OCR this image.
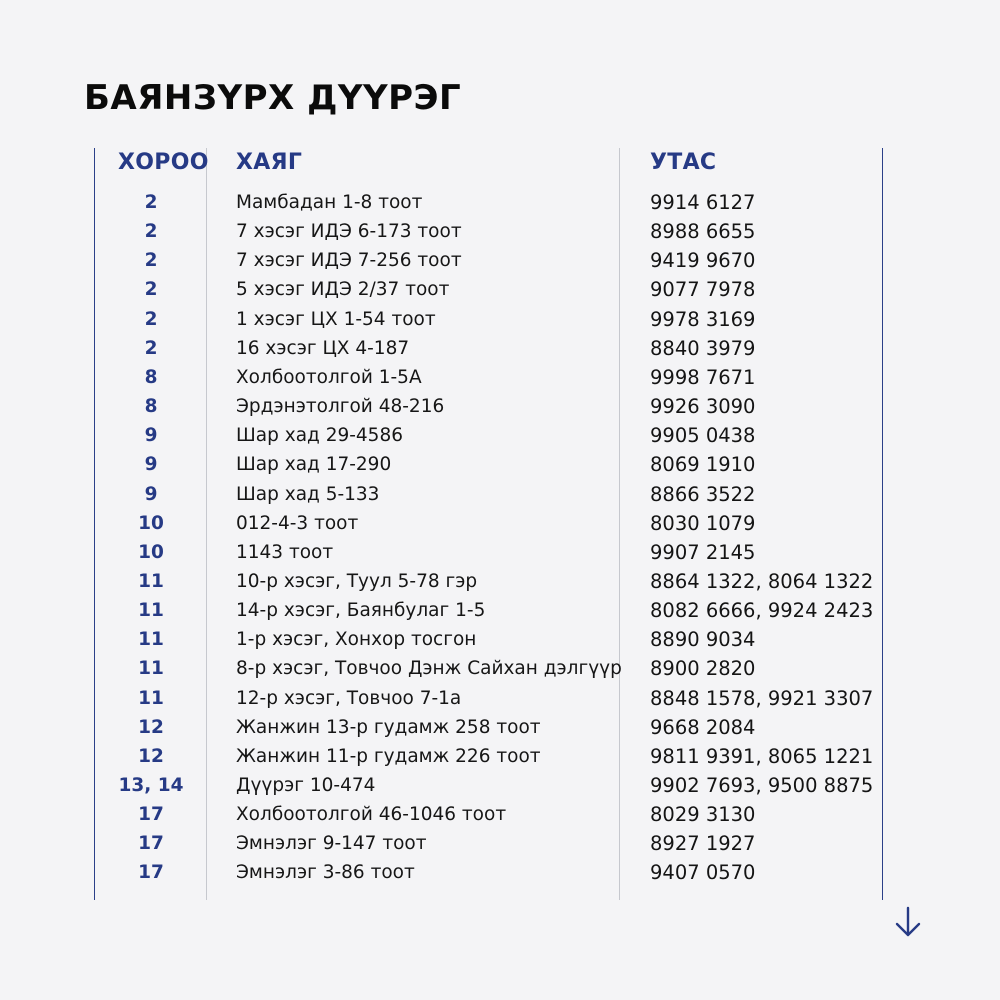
БАЯНЗҮРХ ДҮҮРЭГ
ХОРОО ХАЯГ	УТАС
2	Мамбадан 1-8 тоот	9914 6127
2	7 хэсэг ИДЭ 6-173 тоот	8988 6655
2	7 хэсэг ИДЭ 7-256 тоот	9419 9670
2	5 хэсэг ИДЭ 2/37 тоот	9077 7978
2	1 хэсэг ЦХ 1-54 тоот	9978 3169
2	16 хэсэг ЦХ 4-187	8840 3979
8	Холбоотолгой 1-5А	9998 7671
8	Эрдэнэтолгой 48-216	9926 3090
9	Шар хад 29-4586	9905 0438
9	Шар хад 17-290	8069 1910
9	Шар хад 5-133	8866 3522
10	012-4-3 тоот	8030 1079
10	1143 тоот	9907 2145
11	10-р хэсэг, Туул 5-78 гэр	8864 1322, 8064 1322
11	14-р хэсэг, Баянбулаг 1-5	8082 6666, 9924 2423
11	1-р хэсэг, Хонхор тосгон	8890 9034
11	8-р хэсэг, Товчоо Дэнж Сайхан дэлгүүр 8900 2820
11	12-р хэсэг, Товчоо 7-1а	8848 1578, 9921 3307
12	Жанжин 13-р гудамж 258 тоот	9668 2084
12	Жанжин 11-р гудамж 226 тоот	9811 9391, 8065 1221
13, 14	Дүүрэг 10-474	9902 7693, 9500 8875
17	Холбоотолгой 46-1046 тоот	8029 3130
17	Эмнэлэг 9-147 тоот	8927 1927
17	Эмнэлэг 3-86 тоот	9407 0570
